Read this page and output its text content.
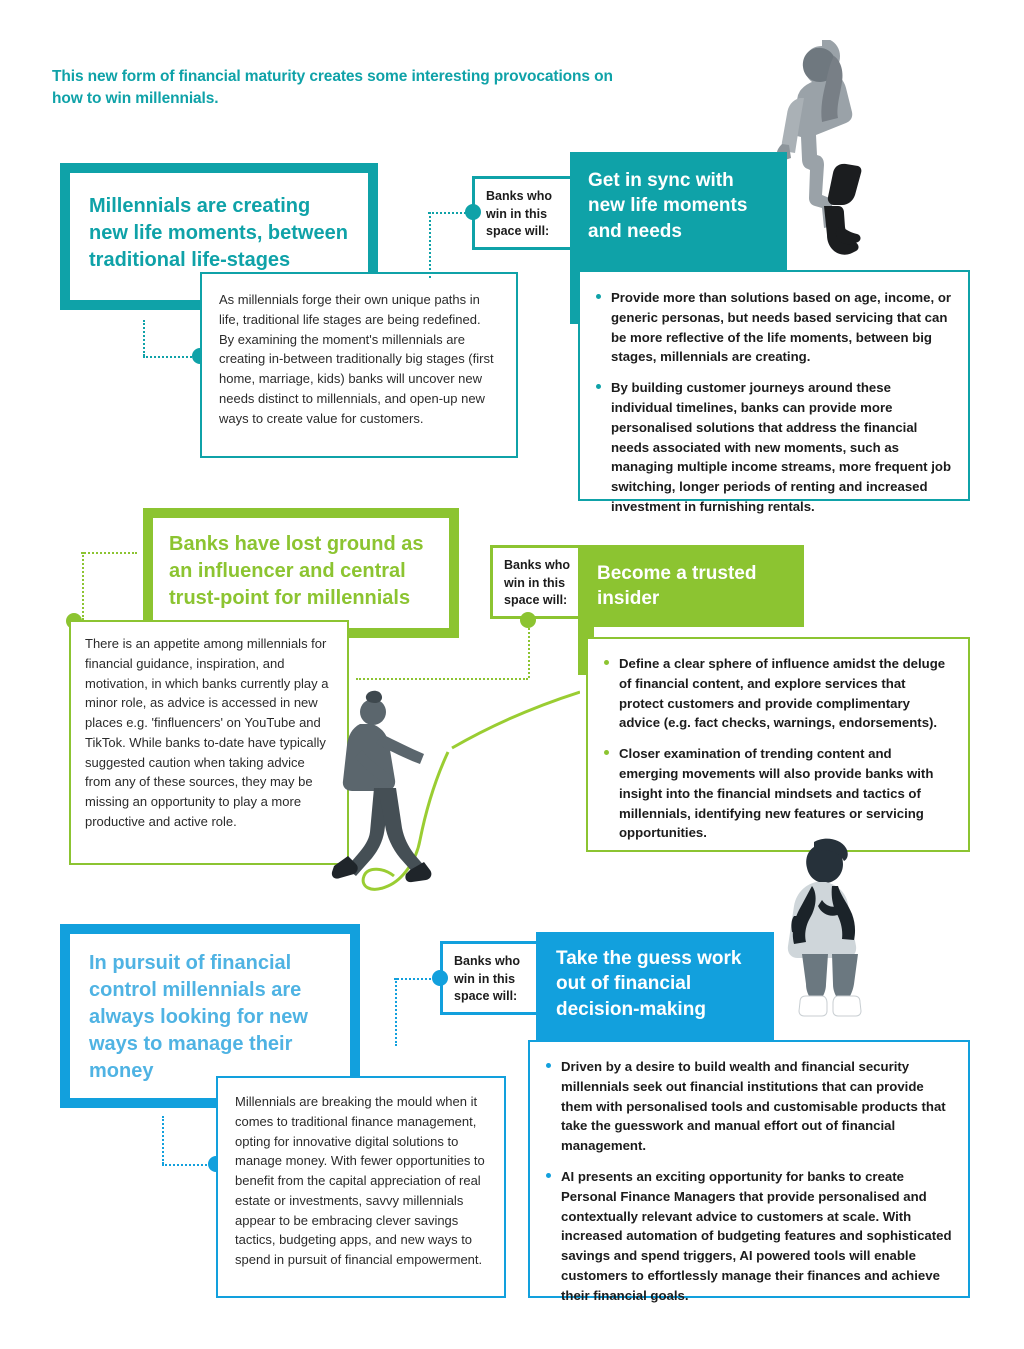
This new form of financial maturity creates some interesting provocations on
how to win millennials.
Millennials are creating new life moments, between traditional life-stages
As millennials forge their own unique paths in life, traditional life stages are being redefined. By examining the moment's millennials are creating in-between traditionally big stages (first home, marriage, kids) banks will uncover new needs distinct to millennials, and open-up new ways to create value for customers.
Banks who win in this space will:
Get in sync with new life moments and needs
Provide more than solutions based on age, income, or generic personas, but needs based servicing that can be more reflective of the life moments, between big stages, millennials are creating.
By building customer journeys around these individual timelines, banks can provide more personalised solutions that address the financial needs associated with new moments, such as managing multiple income streams, more frequent job switching, longer periods of renting and increased investment in furnishing rentals.
Banks have lost ground as an influencer and central trust-point for millennials
There is an appetite among millennials for financial guidance, inspiration, and motivation, in which banks currently play a minor role, as advice is accessed in new places e.g. 'finfluencers' on YouTube and TikTok. While banks to-date have typically suggested caution when taking advice from any of these sources, they may be missing an opportunity to play a more productive and active role.
Banks who win in this space will:
Become a trusted insider
Define a clear sphere of influence amidst the deluge of financial content, and explore services that protect customers and provide complimentary advice (e.g. fact checks, warnings, endorsements).
Closer examination of trending content and emerging movements will also provide banks with insight into the financial mindsets and tactics of millennials, identifying new features or servicing opportunities.
In pursuit of financial control millennials are always looking for new ways to manage their money
Millennials are breaking the mould when it comes to traditional finance management, opting for innovative digital solutions to manage money. With fewer opportunities to benefit from the capital appreciation of real estate or investments, savvy millennials appear to be embracing clever savings tactics, budgeting apps, and new ways to spend in pursuit of financial empowerment.
Banks who win in this space will:
Take the guess work out of financial decision-making
Driven by a desire to build wealth and financial security millennials seek out financial institutions that can provide them with personalised tools and customisable products that take the guesswork and manual effort out of financial management.
AI presents an exciting opportunity for banks to create Personal Finance Managers that provide personalised and contextually relevant advice to customers at scale. With increased automation of budgeting features and sophisticated savings and spend triggers, AI powered tools will enable customers to effortlessly manage their finances and achieve their financial goals.
